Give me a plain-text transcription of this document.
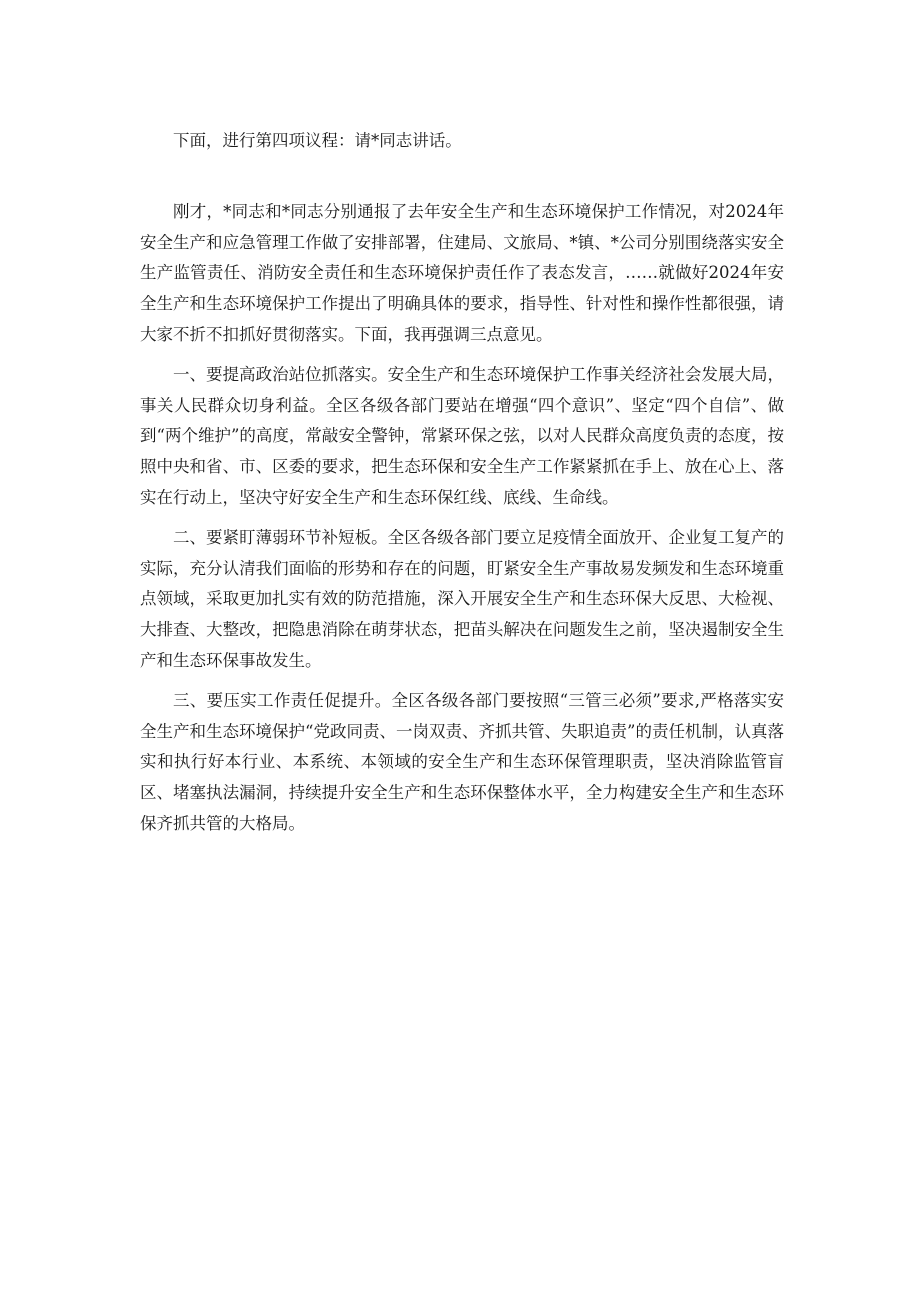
下面，进行第四项议程：请*同志讲话。

刚才，*同志和*同志分别通报了去年安全生产和生态环境保护工作情况，对2024年安全生产和应急管理工作做了安排部署，住建局、文旅局、*镇、*公司分别围绕落实安全生产监管责任、消防安全责任和生态环境保护责任作了表态发言，……就做好2024年安全生产和生态环境保护工作提出了明确具体的要求，指导性、针对性和操作性都很强，请大家不折不扣抓好贯彻落实。下面，我再强调三点意见。

一、要提高政治站位抓落实。安全生产和生态环境保护工作事关经济社会发展大局，事关人民群众切身利益。全区各级各部门要站在增强“四个意识”、坚定“四个自信”、做到“两个维护”的高度，常敲安全警钟，常紧环保之弦，以对人民群众高度负责的态度，按照中央和省、市、区委的要求，把生态环保和安全生产工作紧紧抓在手上、放在心上、落实在行动上，坚决守好安全生产和生态环保红线、底线、生命线。

二、要紧盯薄弱环节补短板。全区各级各部门要立足疫情全面放开、企业复工复产的实际，充分认清我们面临的形势和存在的问题，盯紧安全生产事故易发频发和生态环境重点领域，采取更加扎实有效的防范措施，深入开展安全生产和生态环保大反思、大检视、大排查、大整改，把隐患消除在萌芽状态，把苗头解决在问题发生之前，坚决遏制安全生产和生态环保事故发生。

三、要压实工作责任促提升。全区各级各部门要按照“三管三必须”要求,严格落实安全生产和生态环境保护“党政同责、一岗双责、齐抓共管、失职追责”的责任机制，认真落实和执行好本行业、本系统、本领域的安全生产和生态环保管理职责，坚决消除监管盲区、堵塞执法漏洞，持续提升安全生产和生态环保整体水平，全力构建安全生产和生态环保齐抓共管的大格局。
